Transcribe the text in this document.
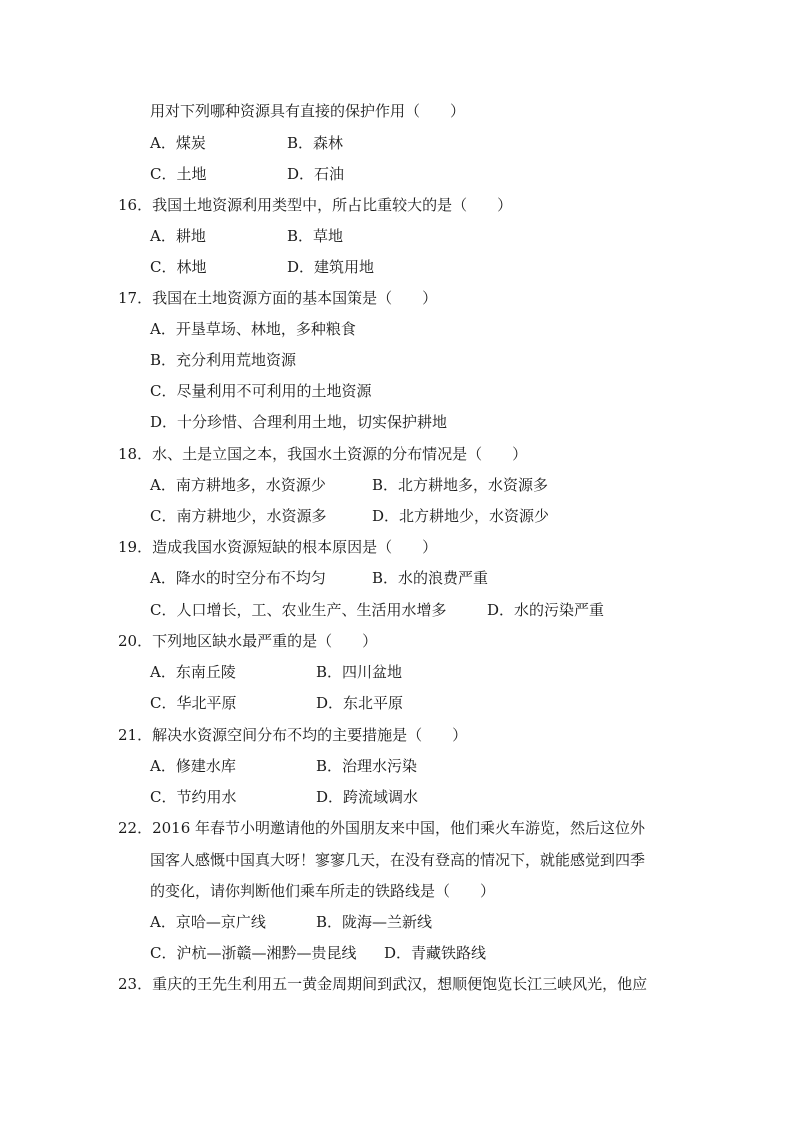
用对下列哪种资源具有直接的保护作用（　　）
A．煤炭	B．森林
C．土地	D．石油
16．我国土地资源利用类型中，所占比重较大的是（　　）
A．耕地	B．草地
C．林地	D．建筑用地
17．我国在土地资源方面的基本国策是（　　）
A．开垦草场、林地，多种粮食
B．充分利用荒地资源
C．尽量利用不可利用的土地资源
D．十分珍惜、合理利用土地，切实保护耕地
18．水、土是立国之本，我国水土资源的分布情况是（　　）
A．南方耕地多，水资源少	B．北方耕地多，水资源多
C．南方耕地少，水资源多	D．北方耕地少，水资源少
19．造成我国水资源短缺的根本原因是（　　）
A．降水的时空分布不均匀	B．水的浪费严重
C．人口增长，工、农业生产、生活用水增多	D．水的污染严重
20．下列地区缺水最严重的是（　　）
A．东南丘陵	B．四川盆地
C．华北平原	D．东北平原
21．解决水资源空间分布不均的主要措施是（　　）
A．修建水库	B．治理水污染
C．节约用水	D．跨流域调水
22．2016 年春节小明邀请他的外国朋友来中国，他们乘火车游览，然后这位外
国客人感慨中国真大呀！寥寥几天，在没有登高的情况下，就能感觉到四季
的变化，请你判断他们乘车所走的铁路线是（　　）
A．京哈—京广线	B．陇海—兰新线
C．沪杭—浙赣—湘黔—贵昆线 D．青藏铁路线
23．重庆的王先生利用五一黄金周期间到武汉，想顺便饱览长江三峡风光，他应
